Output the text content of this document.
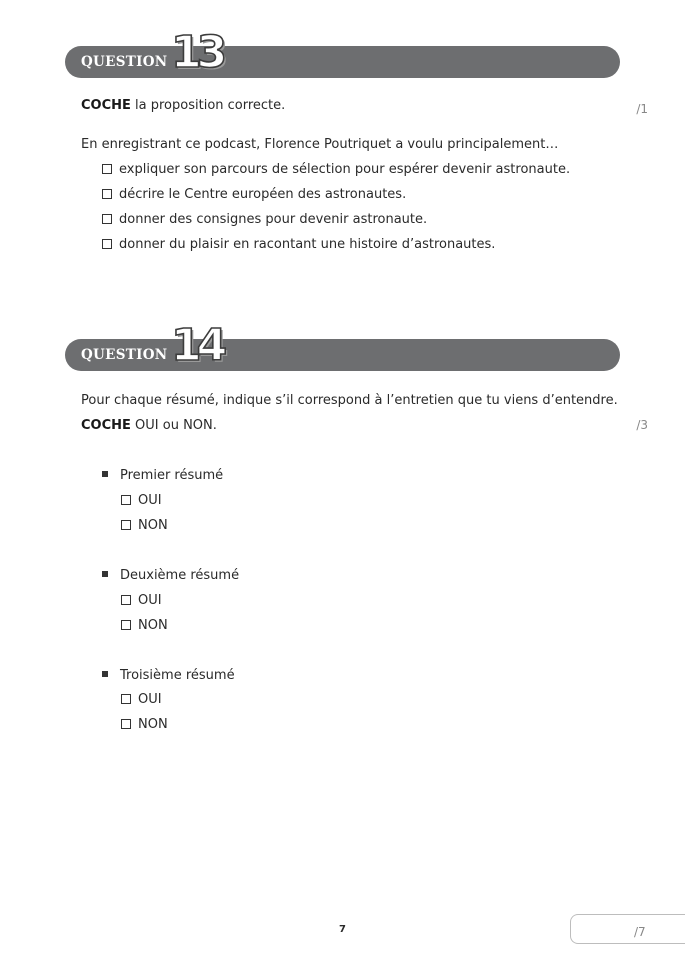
QUESTION 13
COCHE la proposition correcte.	/1
En enregistrant ce podcast, Florence Poutriquet a voulu principalement…
expliquer son parcours de sélection pour espérer devenir astronaute.
décrire le Centre européen des astronautes.
donner des consignes pour devenir astronaute.
donner du plaisir en racontant une histoire d’astronautes.
QUESTION 14
Pour chaque résumé, indique s’il correspond à l’entretien que tu viens d’entendre.
COCHE OUI ou NON.	/3
Premier résumé
OUI
NON
Deuxième résumé
OUI
NON
Troisième résumé
OUI
NON
7	/7
